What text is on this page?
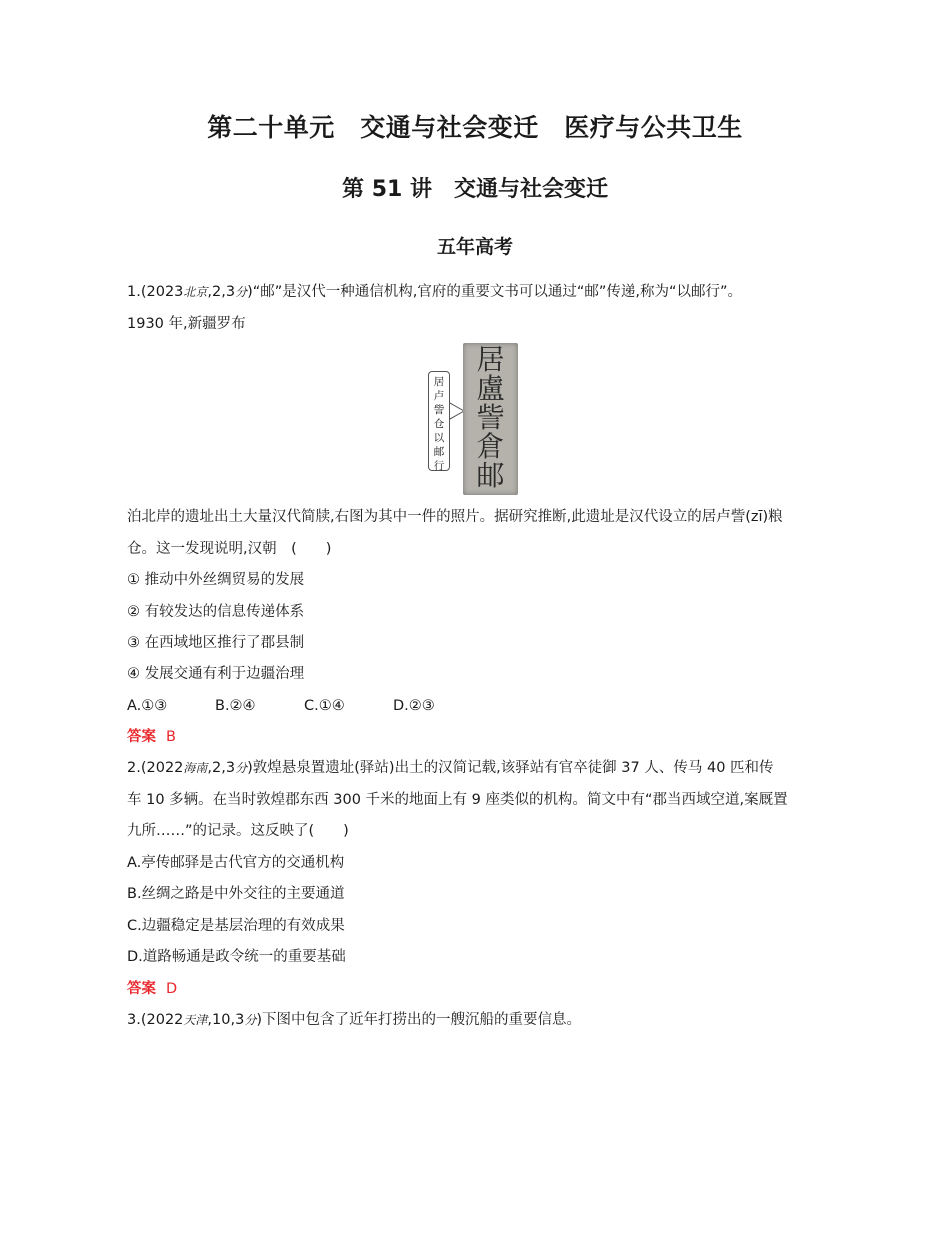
第二十单元　交通与社会变迁　医疗与公共卫生
第 51 讲　交通与社会变迁
五年高考
1.(2023北京,2,3分)“邮”是汉代一种通信机构,官府的重要文书可以通过“邮”传递,称为“以邮行”。
1930 年,新疆罗布
居
卢
訾
仓
以
邮
行
居
盧
訾
倉
邮
泊北岸的遗址出土大量汉代简牍,右图为其中一件的照片。据研究推断,此遗址是汉代设立的居卢訾(zī)粮
仓。这一发现说明,汉朝　(　　)
① 推动中外丝绸贸易的发展
② 有较发达的信息传递体系
③ 在西域地区推行了郡县制
④ 发展交通有利于边疆治理
A.①③	B.②④	C.①④	D.②③
答案 B
2.(2022海南,2,3分)敦煌悬泉置遗址(驿站)出土的汉简记载,该驿站有官卒徒御 37 人、传马 40 匹和传
车 10 多辆。在当时敦煌郡东西 300 千米的地面上有 9 座类似的机构。简文中有“郡当西域空道,案厩置
九所……”的记录。这反映了(　　)
A.亭传邮驿是古代官方的交通机构
B.丝绸之路是中外交往的主要通道
C.边疆稳定是基层治理的有效成果
D.道路畅通是政令统一的重要基础
答案 D
3.(2022天津,10,3分)下图中包含了近年打捞出的一艘沉船的重要信息。
